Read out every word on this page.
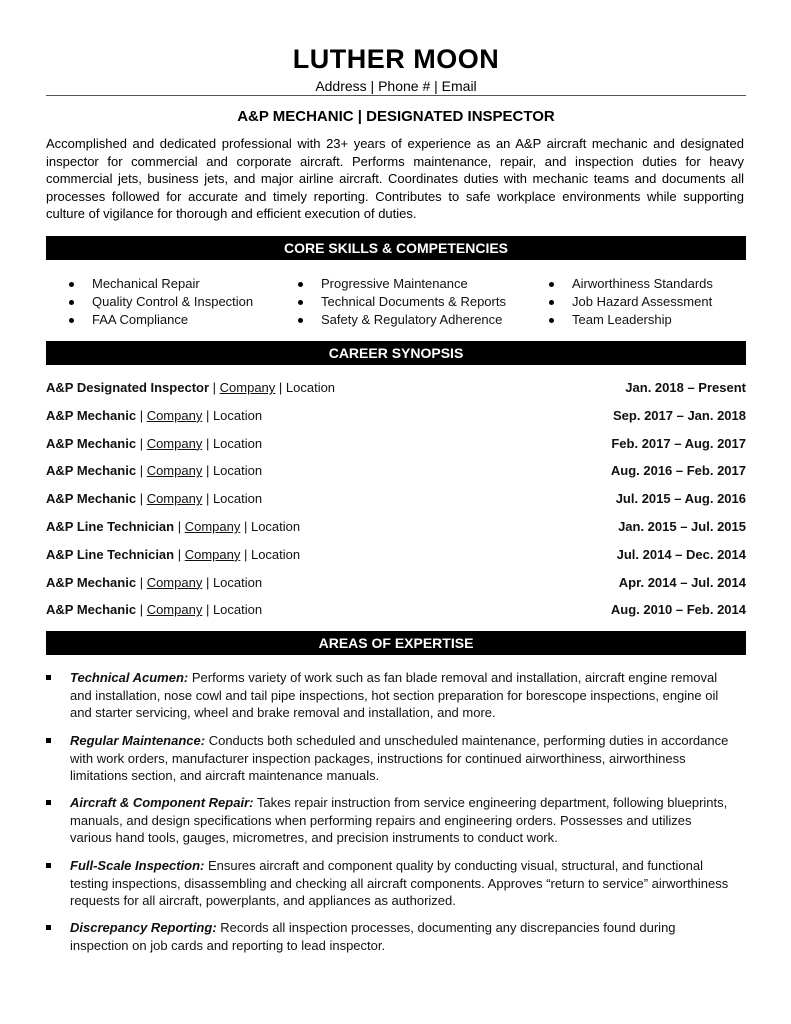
LUTHER MOON
Address | Phone # | Email
A&P MECHANIC | DESIGNATED INSPECTOR
Accomplished and dedicated professional with 23+ years of experience as an A&P aircraft mechanic and designated inspector for commercial and corporate aircraft. Performs maintenance, repair, and inspection duties for heavy commercial jets, business jets, and major airline aircraft. Coordinates duties with mechanic teams and documents all processes followed for accurate and timely reporting. Contributes to safe workplace environments while supporting culture of vigilance for thorough and efficient execution of duties.
CORE SKILLS & COMPETENCIES
Mechanical Repair
Quality Control & Inspection
FAA Compliance
Progressive Maintenance
Technical Documents & Reports
Safety & Regulatory Adherence
Airworthiness Standards
Job Hazard Assessment
Team Leadership
CAREER SYNOPSIS
A&P Designated Inspector | Company | Location	Jan. 2018 – Present
A&P Mechanic | Company | Location	Sep. 2017 – Jan. 2018
A&P Mechanic | Company | Location	Feb. 2017 – Aug. 2017
A&P Mechanic | Company | Location	Aug. 2016 – Feb. 2017
A&P Mechanic | Company | Location	Jul. 2015 – Aug. 2016
A&P Line Technician | Company | Location	Jan. 2015 – Jul. 2015
A&P Line Technician | Company | Location	Jul. 2014 – Dec. 2014
A&P Mechanic | Company | Location	Apr. 2014 – Jul. 2014
A&P Mechanic | Company | Location	Aug. 2010 – Feb. 2014
AREAS OF EXPERTISE
Technical Acumen: Performs variety of work such as fan blade removal and installation, aircraft engine removal and installation, nose cowl and tail pipe inspections, hot section preparation for borescope inspections, engine oil and starter servicing, wheel and brake removal and installation, and more.
Regular Maintenance: Conducts both scheduled and unscheduled maintenance, performing duties in accordance with work orders, manufacturer inspection packages, instructions for continued airworthiness, airworthiness limitations section, and aircraft maintenance manuals.
Aircraft & Component Repair: Takes repair instruction from service engineering department, following blueprints, manuals, and design specifications when performing repairs and engineering orders. Possesses and utilizes various hand tools, gauges, micrometres, and precision instruments to conduct work.
Full-Scale Inspection: Ensures aircraft and component quality by conducting visual, structural, and functional testing inspections, disassembling and checking all aircraft components. Approves “return to service” airworthiness requests for all aircraft, powerplants, and appliances as authorized.
Discrepancy Reporting: Records all inspection processes, documenting any discrepancies found during inspection on job cards and reporting to lead inspector.
